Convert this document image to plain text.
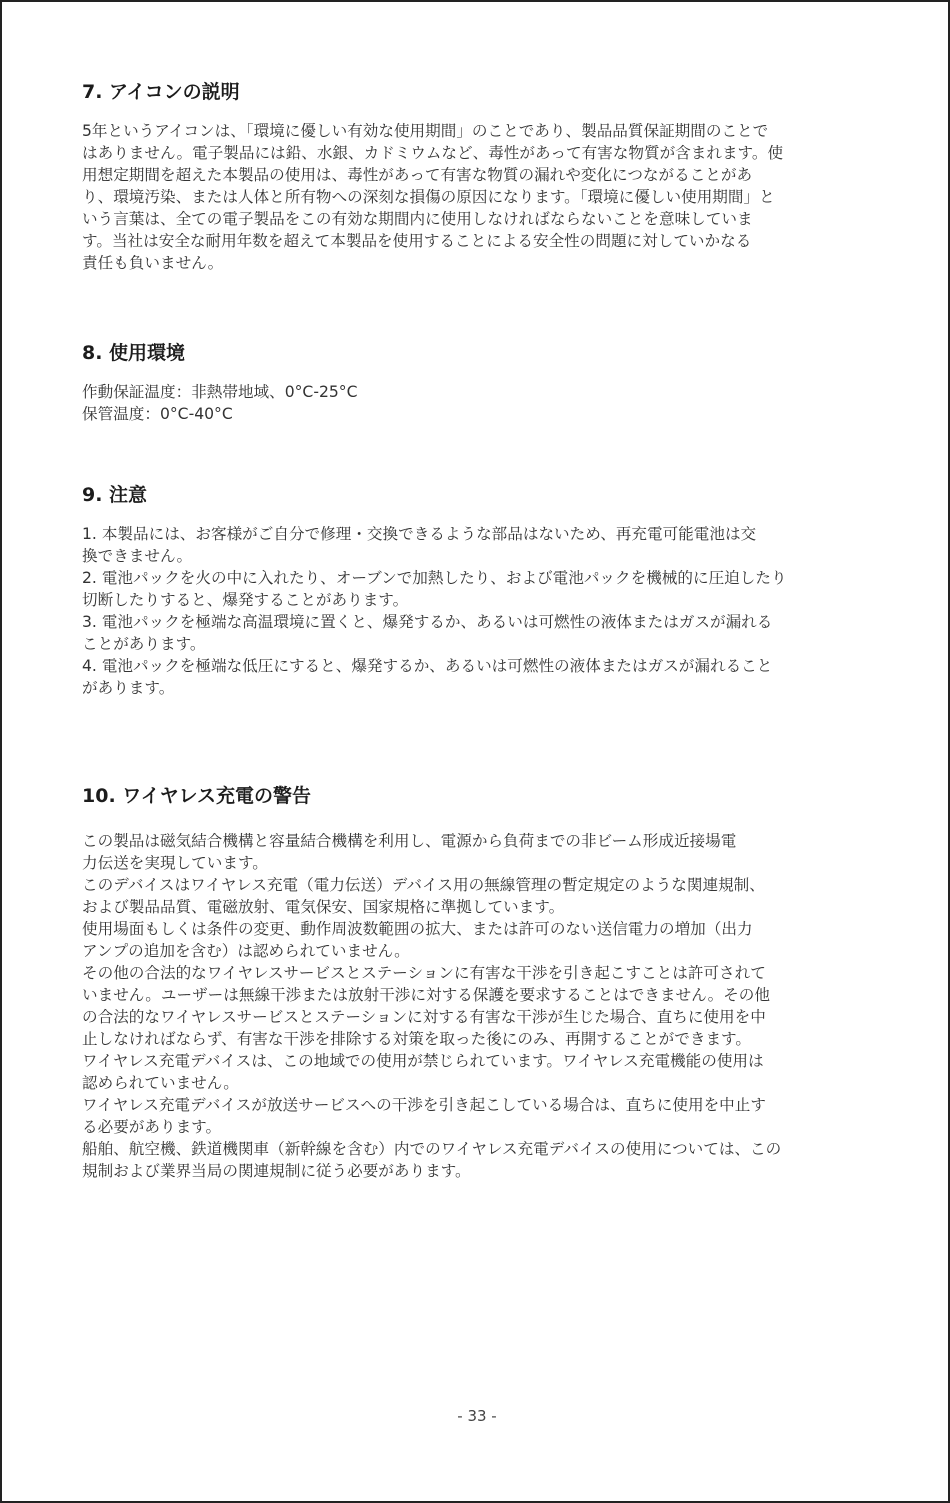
7. アイコンの説明
5年というアイコンは、「環境に優しい有効な使用期間」のことであり、製品品質保証期間のことで
はありません。電子製品には鉛、水銀、カドミウムなど、毒性があって有害な物質が含まれます。使
用想定期間を超えた本製品の使用は、毒性があって有害な物質の漏れや変化につながることがあ
り、環境汚染、または人体と所有物への深刻な損傷の原因になります。「環境に優しい使用期間」と
いう言葉は、全ての電子製品をこの有効な期間内に使用しなければならないことを意味していま
す。当社は安全な耐用年数を超えて本製品を使用することによる安全性の問題に対していかなる
責任も負いません。
8. 使用環境
作動保証温度：非熱帯地域、0°C-25°C
保管温度：0°C-40°C
9. 注意
1. 本製品には、お客様がご自分で修理・交換できるような部品はないため、再充電可能電池は交
換できません。
2. 電池パックを火の中に入れたり、オーブンで加熱したり、および電池パックを機械的に圧迫したり
切断したりすると、爆発することがあります。
3. 電池パックを極端な高温環境に置くと、爆発するか、あるいは可燃性の液体またはガスが漏れる
ことがあります。
4. 電池パックを極端な低圧にすると、爆発するか、あるいは可燃性の液体またはガスが漏れること
があります。
10. ワイヤレス充電の警告
この製品は磁気結合機構と容量結合機構を利用し、電源から負荷までの非ビーム形成近接場電
力伝送を実現しています。
このデバイスはワイヤレス充電（電力伝送）デバイス用の無線管理の暫定規定のような関連規制、
および製品品質、電磁放射、電気保安、国家規格に準拠しています。
使用場面もしくは条件の変更、動作周波数範囲の拡大、または許可のない送信電力の増加（出力
アンプの追加を含む）は認められていません。
その他の合法的なワイヤレスサービスとステーションに有害な干渉を引き起こすことは許可されて
いません。ユーザーは無線干渉または放射干渉に対する保護を要求することはできません。その他
の合法的なワイヤレスサービスとステーションに対する有害な干渉が生じた場合、直ちに使用を中
止しなければならず、有害な干渉を排除する対策を取った後にのみ、再開することができます。
ワイヤレス充電デバイスは、この地域での使用が禁じられています。ワイヤレス充電機能の使用は
認められていません。
ワイヤレス充電デバイスが放送サービスへの干渉を引き起こしている場合は、直ちに使用を中止す
る必要があります。
船舶、航空機、鉄道機関車（新幹線を含む）内でのワイヤレス充電デバイスの使用については、この
規制および業界当局の関連規制に従う必要があります。
- 33 -
